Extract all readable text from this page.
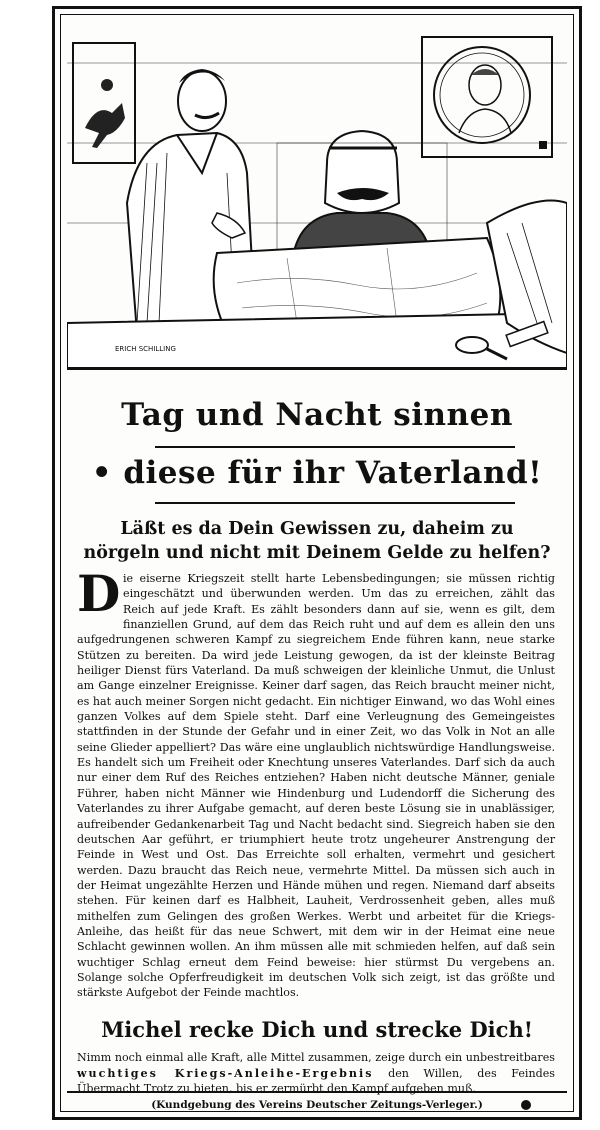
ERICH SCHILLING
Tag und Nacht sinnen
• diese für ihr Vaterland!
Läßt es da Dein Gewissen zu, daheim zu
nörgeln und nicht mit Deinem Gelde zu helfen?
D ie eiserne Kriegszeit stellt harte Lebensbedingungen; sie müssen richtig eingeschätzt und überwunden werden. Um das zu erreichen, zählt das Reich auf jede Kraft. Es zählt besonders dann auf sie, wenn es gilt, dem finanziellen Grund, auf dem das Reich ruht und auf dem es allein den uns aufgedrungenen schweren Kampf zu siegreichem Ende führen kann, neue starke Stützen zu bereiten. Da wird jede Leistung gewogen, da ist der kleinste Beitrag heiliger Dienst fürs Vaterland. Da muß schweigen der kleinliche Unmut, die Unlust am Gange einzelner Ereignisse. Keiner darf sagen, das Reich braucht meiner nicht, es hat auch meiner Sorgen nicht gedacht. Ein nichtiger Einwand, wo das Wohl eines ganzen Volkes auf dem Spiele steht. Darf eine Verleugnung des Gemeingeistes stattfinden in der Stunde der Gefahr und in einer Zeit, wo das Volk in Not an alle seine Glieder appelliert? Das wäre eine unglaublich nichtswürdige Handlungsweise. Es handelt sich um Freiheit oder Knechtung unseres Vaterlandes. Darf sich da auch nur einer dem Ruf des Reiches entziehen? Haben nicht deutsche Männer, geniale Führer, haben nicht Männer wie Hindenburg und Ludendorff die Sicherung des Vaterlandes zu ihrer Aufgabe gemacht, auf deren beste Lösung sie in unablässiger, aufreibender Gedankenarbeit Tag und Nacht bedacht sind. Siegreich haben sie den deutschen Aar geführt, er triumphiert heute trotz ungeheurer Anstrengung der Feinde in West und Ost. Das Erreichte soll erhalten, vermehrt und gesichert werden. Dazu braucht das Reich neue, vermehrte Mittel. Da müssen sich auch in der Heimat ungezählte Herzen und Hände mühen und regen. Niemand darf abseits stehen. Für keinen darf es Halbheit, Lauheit, Verdrossenheit geben, alles muß mithelfen zum Gelingen des großen Werkes. Werbt und arbeitet für die Kriegs-Anleihe, das heißt für das neue Schwert, mit dem wir in der Heimat eine neue Schlacht gewinnen wollen. An ihm müssen alle mit schmieden helfen, auf daß sein wuchtiger Schlag erneut dem Feind beweise: hier stürmst Du vergebens an. Solange solche Opferfreudigkeit im deutschen Volk sich zeigt, ist das größte und stärkste Aufgebot der Feinde machtlos.
Michel recke Dich und strecke Dich!
Nimm noch einmal alle Kraft, alle Mittel zusammen, zeige durch ein unbestreitbares wuchtiges Kriegs-Anleihe-Ergebnis den Willen, des Feindes Übermacht Trotz zu bieten, bis er zermürbt den Kampf aufgeben muß.
(Kundgebung des Vereins Deutscher Zeitungs-Verleger.)
